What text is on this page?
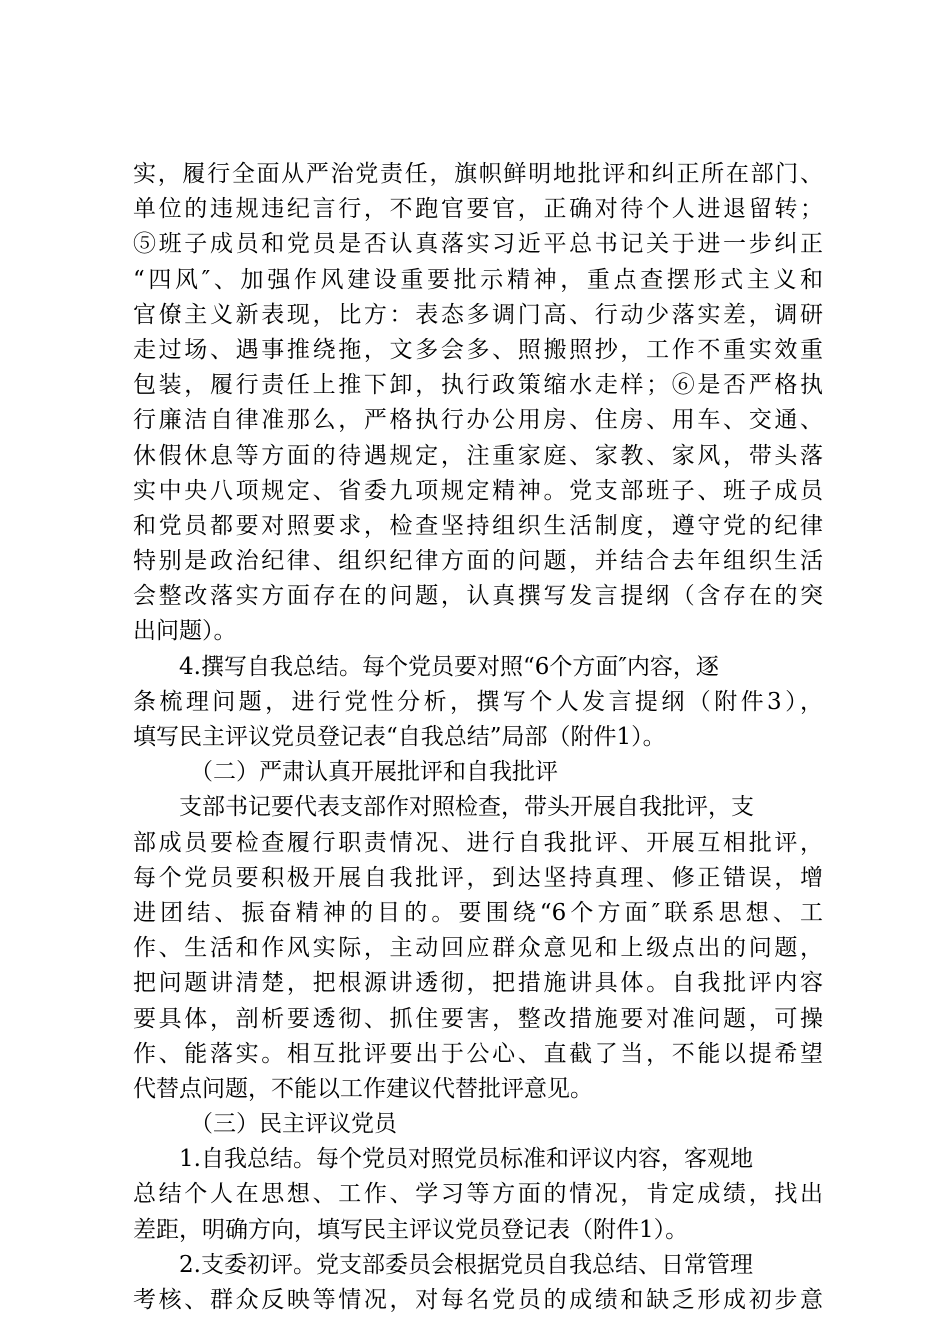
实，履行全面从严治党责任，旗帜鲜明地批评和纠正所在部门、
单位的违规违纪言行，不跑官要官，正确对待个人进退留转；
⑤班子成员和党员是否认真落实习近平总书记关于进一步纠正
“四风″、加强作风建设重要批示精神，重点查摆形式主义和
官僚主义新表现，比方：表态多调门高、行动少落实差，调研
走过场、遇事推绕拖，文多会多、照搬照抄，工作不重实效重
包装，履行责任上推下卸，执行政策缩水走样；⑥是否严格执
行廉洁自律准那么，严格执行办公用房、住房、用车、交通、
休假休息等方面的待遇规定，注重家庭、家教、家风，带头落
实中央八项规定、省委九项规定精神。党支部班子、班子成员
和党员都要对照要求，检查坚持组织生活制度，遵守党的纪律
特别是政治纪律、组织纪律方面的问题，并结合去年组织生活
会整改落实方面存在的问题，认真撰写发言提纲（含存在的突
出问题）。
4.撰写自我总结。每个党员要对照“6个方面″内容，逐
条梳理问题，进行党性分析，撰写个人发言提纲（附件3），
填写民主评议党员登记表“自我总结”局部（附件1）。
（二）严肃认真开展批评和自我批评
支部书记要代表支部作对照检查，带头开展自我批评，支
部成员要检查履行职责情况、进行自我批评、开展互相批评，
每个党员要积极开展自我批评，到达坚持真理、修正错误，增
进团结、振奋精神的目的。要围绕“6个方面″联系思想、工
作、生活和作风实际，主动回应群众意见和上级点出的问题，
把问题讲清楚，把根源讲透彻，把措施讲具体。自我批评内容
要具体，剖析要透彻、抓住要害，整改措施要对准问题，可操
作、能落实。相互批评要出于公心、直截了当，不能以提希望
代替点问题，不能以工作建议代替批评意见。
（三）民主评议党员
1.自我总结。每个党员对照党员标准和评议内容，客观地
总结个人在思想、工作、学习等方面的情况，肯定成绩，找出
差距，明确方向，填写民主评议党员登记表（附件1）。
2.支委初评。党支部委员会根据党员自我总结、日常管理
考核、群众反映等情况，对每名党员的成绩和缺乏形成初步意
